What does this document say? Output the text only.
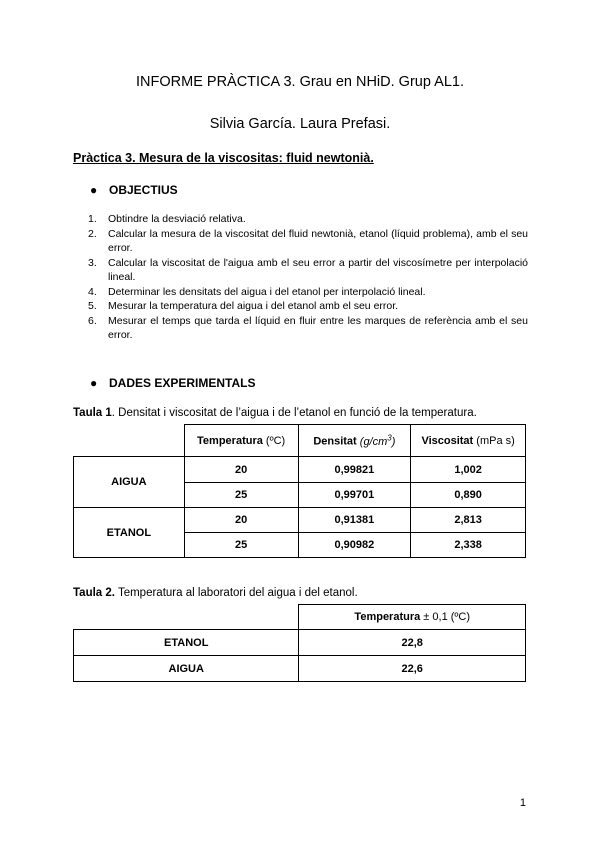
INFORME PRÀCTICA 3. Grau en NHiD. Grup AL1.
Silvia García. Laura Prefasi.
Pràctica 3. Mesura de la viscositas: fluid newtonià.
● OBJECTIUS
1. Obtindre la desviació relativa.
2. Calcular la mesura de la viscositat del fluid newtonià, etanol (líquid problema), amb el seu error.
3. Calcular la viscositat de l'aigua amb el seu error a partir del viscosímetre per interpolació lineal.
4. Determinar les densitats del aigua i del etanol per interpolació lineal.
5. Mesurar la temperatura del aigua i del etanol amb el seu error.
6. Mesurar el temps que tarda el líquid en fluir entre les marques de referència amb el seu error.
● DADES EXPERIMENTALS
Taula 1. Densitat i viscositat de l’aigua i de l’etanol en funció de la temperatura.
	Temperatura (ºC)	Densitat $(g/cm^3)$	Viscositat (mPa s)
AIGUA	20	0,99821	1,002
	25	0,99701	0,890
ETANOL	20	0,91381	2,813
	25	0,90982	2,338
Taula 2. Temperatura al laboratori del aigua i del etanol.
	Temperatura ± 0,1 (ºC)
ETANOL	22,8
AIGUA	22,6
1
